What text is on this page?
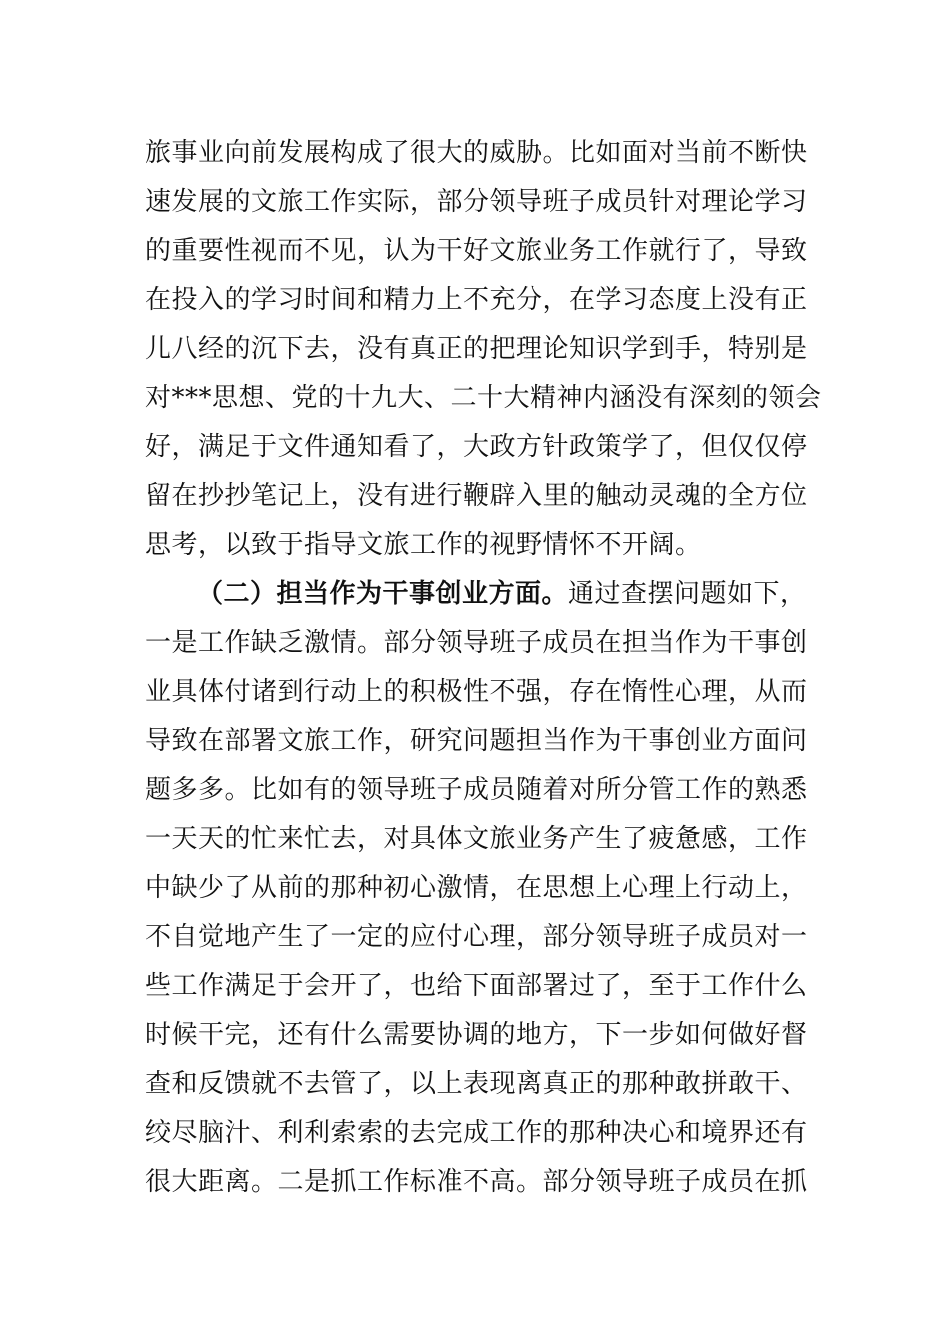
旅事业向前发展构成了很大的威胁。比如面对当前不断快
速发展的文旅工作实际，部分领导班子成员针对理论学习
的重要性视而不见，认为干好文旅业务工作就行了，导致
在投入的学习时间和精力上不充分，在学习态度上没有正
儿八经的沉下去，没有真正的把理论知识学到手，特别是
对***思想、党的十九大、二十大精神内涵没有深刻的领会
好，满足于文件通知看了，大政方针政策学了，但仅仅停
留在抄抄笔记上，没有进行鞭辟入里的触动灵魂的全方位
思考，以致于指导文旅工作的视野情怀不开阔。
（二）担当作为干事创业方面。通过查摆问题如下，
一是工作缺乏激情。部分领导班子成员在担当作为干事创
业具体付诸到行动上的积极性不强，存在惰性心理，从而
导致在部署文旅工作，研究问题担当作为干事创业方面问
题多多。比如有的领导班子成员随着对所分管工作的熟悉
一天天的忙来忙去，对具体文旅业务产生了疲惫感，工作
中缺少了从前的那种初心激情，在思想上心理上行动上，
不自觉地产生了一定的应付心理，部分领导班子成员对一
些工作满足于会开了，也给下面部署过了，至于工作什么
时候干完，还有什么需要协调的地方，下一步如何做好督
查和反馈就不去管了，以上表现离真正的那种敢拼敢干、
绞尽脑汁、利利索索的去完成工作的那种决心和境界还有
很大距离。二是抓工作标准不高。部分领导班子成员在抓
